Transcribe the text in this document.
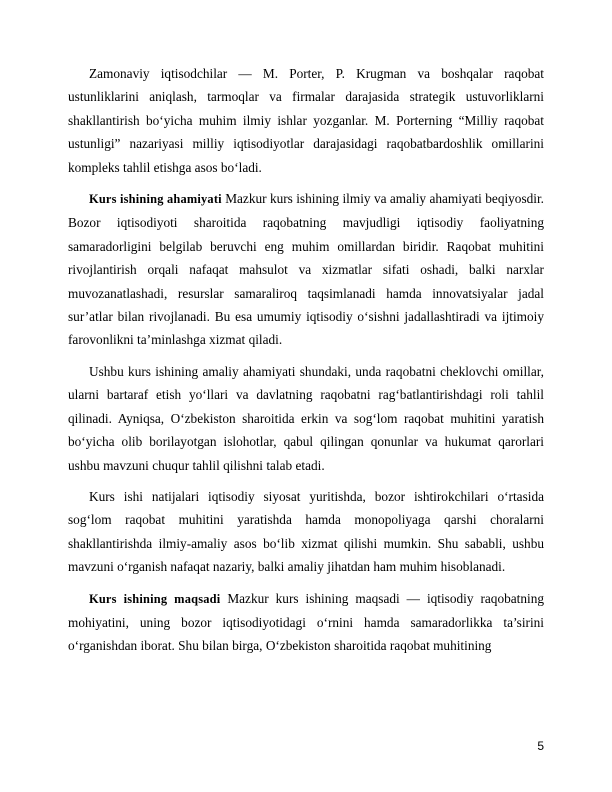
Zamonaviy iqtisodchilar — M. Porter, P. Krugman va boshqalar raqobat ustunliklarini aniqlash, tarmoqlar va firmalar darajasida strategik ustuvorliklarni shakllantirish bo‘yicha muhim ilmiy ishlar yozganlar. M. Porterning “Milliy raqobat ustunligi” nazariyasi milliy iqtisodiyotlar darajasidagi raqobatbardoshlik omillarini kompleks tahlil etishga asos bo‘ladi.

Kurs ishining ahamiyati Mazkur kurs ishining ilmiy va amaliy ahamiyati beqiyosdir. Bozor iqtisodiyoti sharoitida raqobatning mavjudligi iqtisodiy faoliyatning samaradorligini belgilab beruvchi eng muhim omillardan biridir. Raqobat muhitini rivojlantirish orqali nafaqat mahsulot va xizmatlar sifati oshadi, balki narxlar muvozanatlashadi, resurslar samaraliroq taqsimlanadi hamda innovatsiyalar jadal sur’atlar bilan rivojlanadi. Bu esa umumiy iqtisodiy o‘sishni jadallashtiradi va ijtimoiy farovonlikni ta’minlashga xizmat qiladi.

Ushbu kurs ishining amaliy ahamiyati shundaki, unda raqobatni cheklovchi omillar, ularni bartaraf etish yo‘llari va davlatning raqobatni rag‘batlantirishdagi roli tahlil qilinadi. Ayniqsa, O‘zbekiston sharoitida erkin va sog‘lom raqobat muhitini yaratish bo‘yicha olib borilayotgan islohotlar, qabul qilingan qonunlar va hukumat qarorlari ushbu mavzuni chuqur tahlil qilishni talab etadi.

Kurs ishi natijalari iqtisodiy siyosat yuritishda, bozor ishtirokchilari o‘rtasida sog‘lom raqobat muhitini yaratishda hamda monopoliyaga qarshi choralarni shakllantirishda ilmiy-amaliy asos bo‘lib xizmat qilishi mumkin. Shu sababli, ushbu mavzuni o‘rganish nafaqat nazariy, balki amaliy jihatdan ham muhim hisoblanadi.

Kurs ishining maqsadi Mazkur kurs ishining maqsadi — iqtisodiy raqobatning mohiyatini, uning bozor iqtisodiyotidagi o‘rnini hamda samaradorlikka ta’sirini o‘rganishdan iborat. Shu bilan birga, O‘zbekiston sharoitida raqobat muhitining

5
